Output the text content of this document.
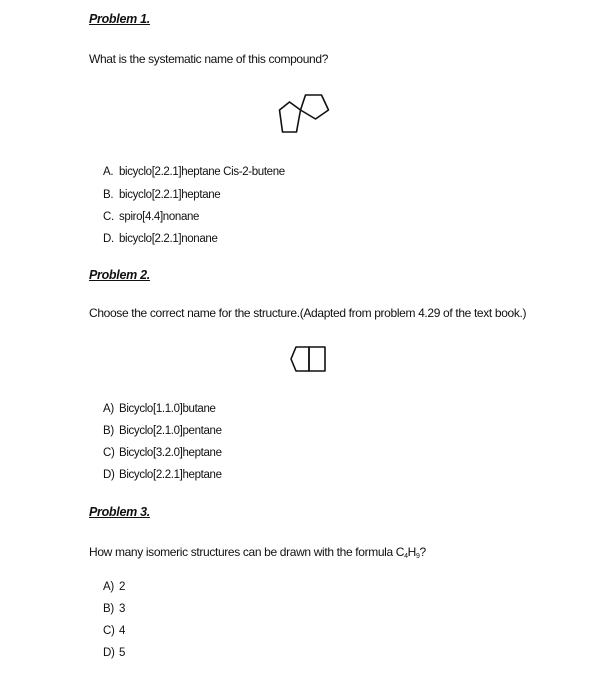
Problem 1.
What is the systematic name of this compound?
A. bicyclo[2.2.1]heptane Cis-2-butene
B. bicyclo[2.2.1]heptane
C. spiro[4.4]nonane
D. bicyclo[2.2.1]nonane
Problem 2.
Choose the correct name for the structure.(Adapted from problem 4.29 of the text book.)
A) Bicyclo[1.1.0]butane
B) Bicyclo[2.1.0]pentane
C) Bicyclo[3.2.0]heptane
D) Bicyclo[2.2.1]heptane
Problem 3.
How many isomeric structures can be drawn with the formula $C_4H_9$?
A) 2
B) 3
C) 4
D) 5
